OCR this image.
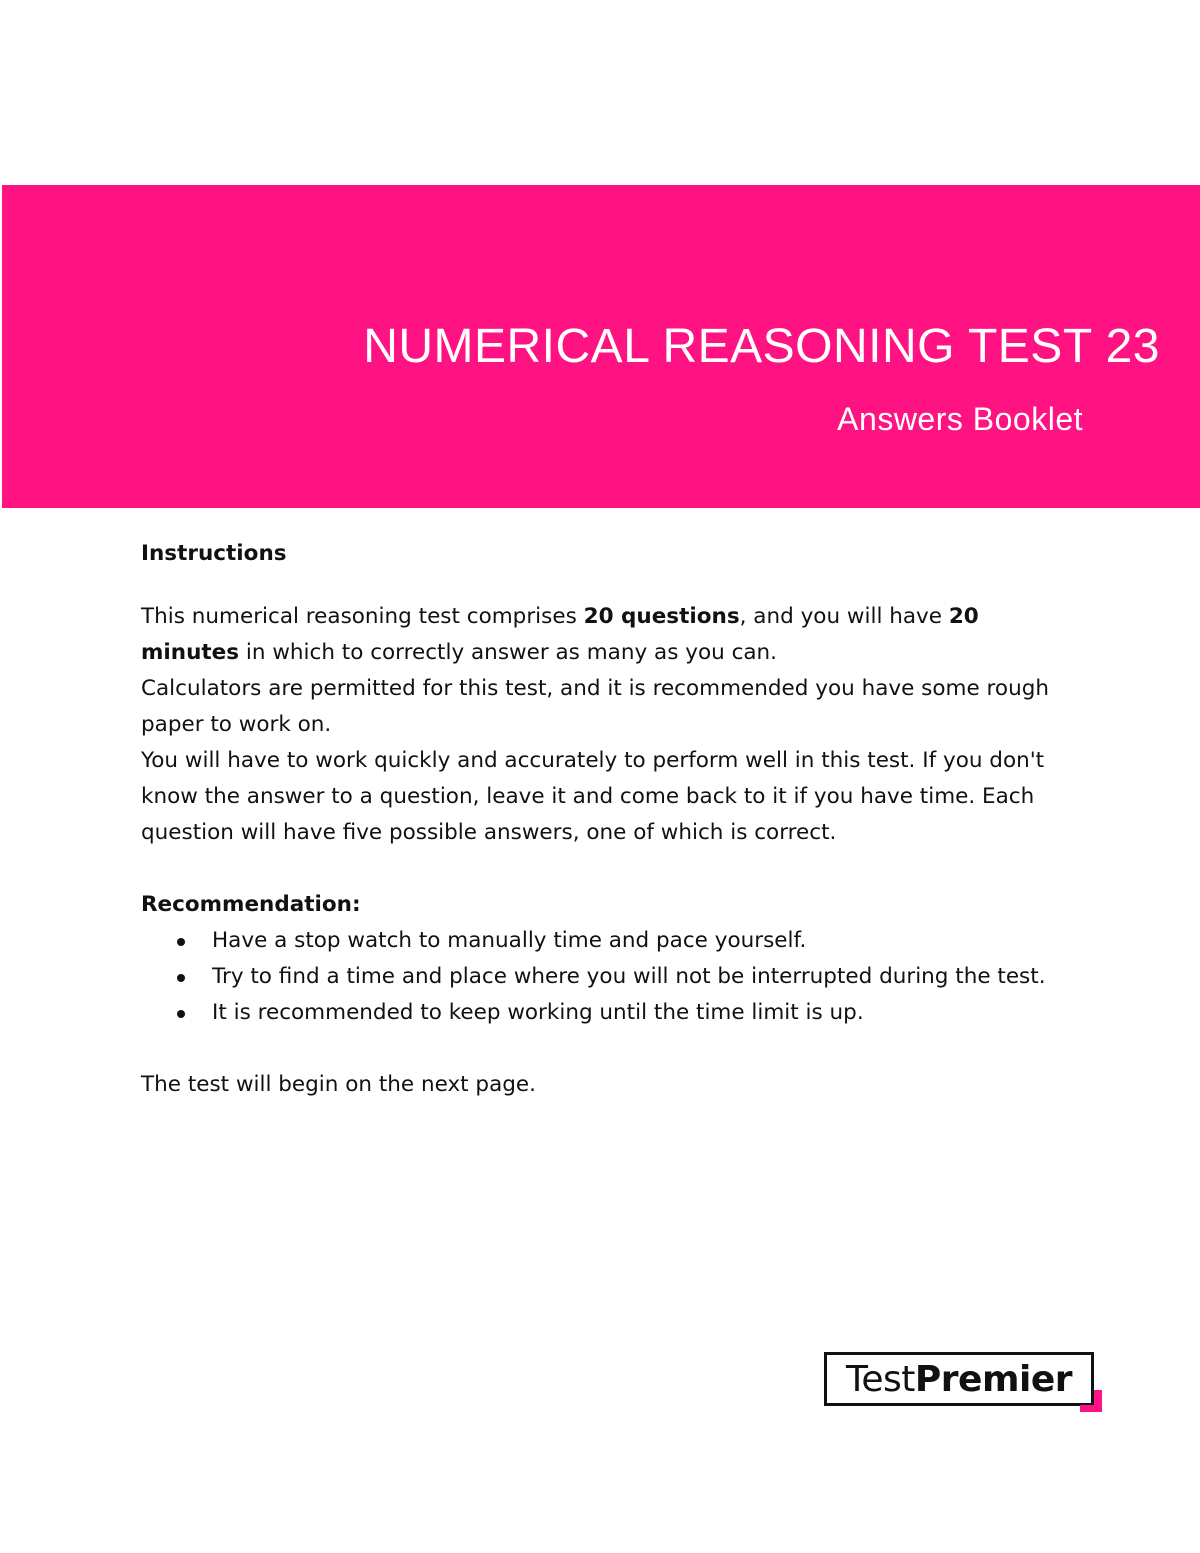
NUMERICAL REASONING TEST 23
Answers Booklet

Instructions

This numerical reasoning test comprises 20 questions, and you will have 20 minutes in which to correctly answer as many as you can.

Calculators are permitted for this test, and it is recommended you have some rough paper to work on.

You will have to work quickly and accurately to perform well in this test. If you don't know the answer to a question, leave it and come back to it if you have time. Each question will have five possible answers, one of which is correct.

Recommendation:

Have a stop watch to manually time and pace yourself.
Try to find a time and place where you will not be interrupted during the test.
It is recommended to keep working until the time limit is up.

The test will begin on the next page.

Test Premier
